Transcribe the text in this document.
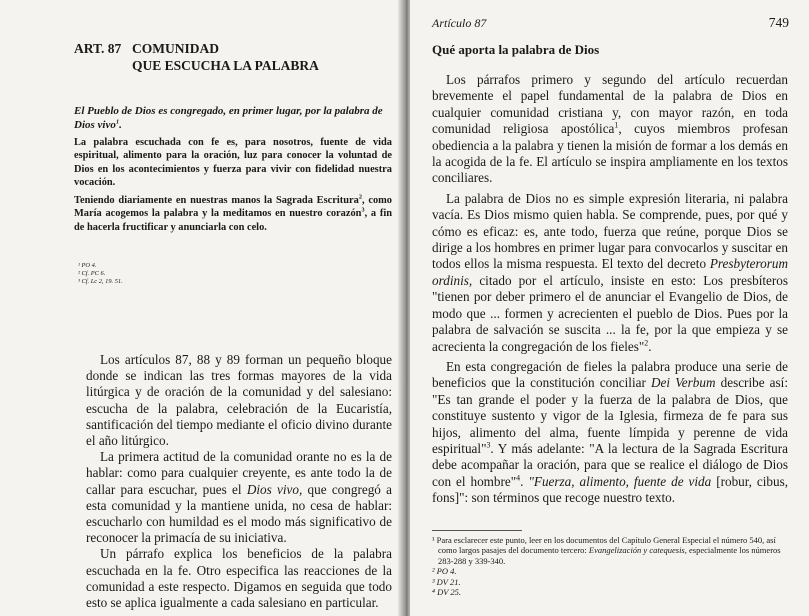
ART. 87 COMUNIDAD
QUE ESCUCHA LA PALABRA
El Pueblo de Dios es congregado, en primer lugar, por la palabra de Dios vivo$^1$.
La palabra escuchada con fe es, para nosotros, fuente de vida espiritual, alimento para la oración, luz para conocer la voluntad de Dios en los acontecimientos y fuerza para vivir con fidelidad nuestra vocación.
Teniendo diariamente en nuestras manos la Sagrada Escritura$^2$, como María acogemos la palabra y la meditamos en nuestro corazón$^3$, a fin de hacerla fructificar y anunciarla con celo.
¹ PO 4.
² Cf. PC 6.
³ Cf. Lc 2, 19. 51.

Los artículos 87, 88 y 89 forman un pequeño bloque donde se indican las tres formas mayores de la vida litúrgica y de oración de la comunidad y del salesiano: escucha de la palabra, celebración de la Eucaristía, santificación del tiempo mediante el oficio divino durante el año litúrgico.

La primera actitud de la comunidad orante no es la de hablar: como para cualquier creyente, es ante todo la de callar para escuchar, pues el Dios vivo, que congregó a esta comunidad y la mantiene unida, no cesa de hablar: escucharlo con humildad es el modo más significativo de reconocer la primacía de su iniciativa.

Un párrafo explica los beneficios de la palabra escuchada en la fe. Otro especifica las reacciones de la comunidad a este respecto. Digamos en seguida que todo esto se aplica igualmente a cada salesiano en particular.

Artículo 87	749
Qué aporta la palabra de Dios

Los párrafos primero y segundo del artículo recuerdan brevemente el papel fundamental de la palabra de Dios en cualquier comunidad cristiana y, con mayor razón, en toda comunidad religiosa apostólica$^1$, cuyos miembros profesan obediencia a la palabra y tienen la misión de formar a los demás en la acogida de la fe. El artículo se inspira ampliamente en los textos conciliares.

La palabra de Dios no es simple expresión literaria, ni palabra vacía. Es Dios mismo quien habla. Se comprende, pues, por qué y cómo es eficaz: es, ante todo, fuerza que reúne, porque Dios se dirige a los hombres en primer lugar para convocarlos y suscitar en todos ellos la misma respuesta. El texto del decreto Presbyterorum ordinis, citado por el artículo, insiste en esto: Los presbíteros "tienen por deber primero el de anunciar el Evangelio de Dios, de modo que ... formen y acrecienten el pueblo de Dios. Pues por la palabra de salvación se suscita ... la fe, por la que empieza y se acrecienta la congregación de los fieles"$^2$.

En esta congregación de fieles la palabra produce una serie de beneficios que la constitución conciliar Dei Verbum describe así: "Es tan grande el poder y la fuerza de la palabra de Dios, que constituye sustento y vigor de la Iglesia, firmeza de fe para sus hijos, alimento del alma, fuente límpida y perenne de vida espiritual"$^3$. Y más adelante: "A la lectura de la Sagrada Escritura debe acompañar la oración, para que se realice el diálogo de Dios con el hombre"$^4$. "Fuerza, alimento, fuente de vida [robur, cibus, fons]": son términos que recoge nuestro texto.

¹ Para esclarecer este punto, leer en los documentos del Capítulo General Especial el número 540, así como largos pasajes del documento tercero: Evangelización y catequesis, especialmente los números 283-288 y 339-340.
² PO 4.
³ DV 21.
⁴ DV 25.
